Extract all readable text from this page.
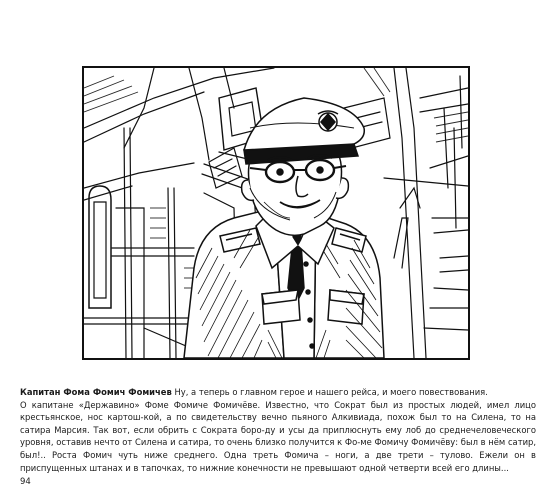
Капитан Фома Фомич Фомичев Ну, а теперь о главном герое и нашего рейса, и моего повествования.

О капитане «Державино» Фоме Фомиче Фомичёве. Известно, что Сократ был из простых людей, имел лицо крестьянское, нос картош-кой, а по свидетельству вечно пьяного Алкивиада, похож был то на Силена, то на сатира Марсия. Так вот, если обрить с Сократа боро-ду и усы да приплюснуть ему лоб до среднечеловеческого уровня, оставив нечто от Силена и сатира, то очень близко получится к Фо-ме Фомичу Фомичёву: был в нём сатир, был!.. Роста Фомич чуть ниже среднего. Одна треть Фомича – ноги, а две трети – тулово. Ежели он в приспущенных штанах и в тапочках, то нижние конечности не превышают одной четверти всей его длины...

94
